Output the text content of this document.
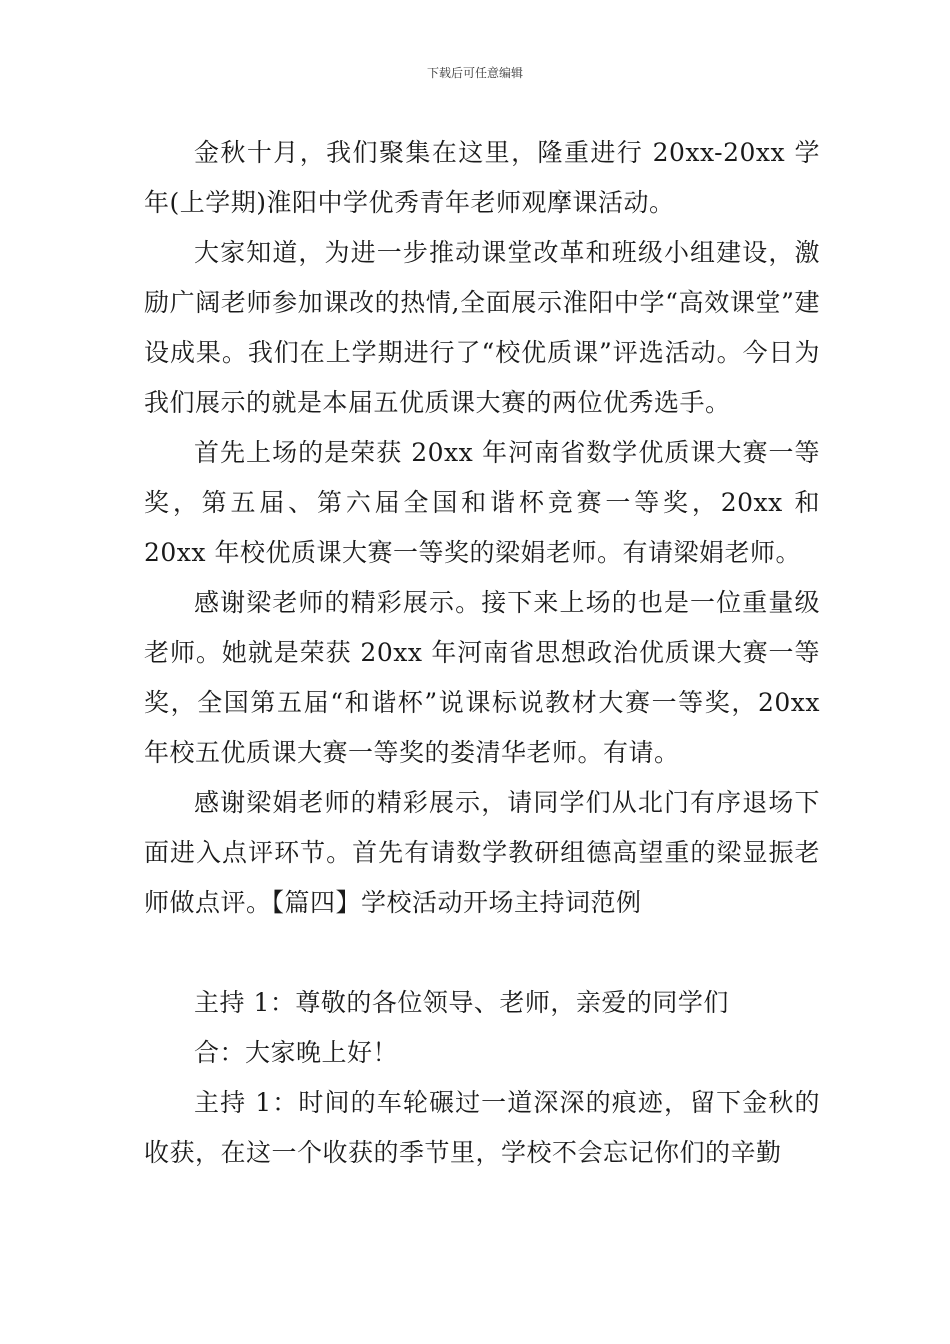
下载后可任意编辑

金秋十月，我们聚集在这里，隆重进行 20xx-20xx 学年(上学期)淮阳中学优秀青年老师观摩课活动。

大家知道，为进一步推动课堂改革和班级小组建设，激励广阔老师参加课改的热情,全面展示淮阳中学“高效课堂”建设成果。我们在上学期进行了“校优质课”评选活动。今日为我们展示的就是本届五优质课大赛的两位优秀选手。

首先上场的是荣获 20xx 年河南省数学优质课大赛一等奖，第五届、第六届全国和谐杯竞赛一等奖，20xx 和 20xx 年校优质课大赛一等奖的梁娟老师。有请梁娟老师。

感谢梁老师的精彩展示。接下来上场的也是一位重量级老师。她就是荣获 20xx 年河南省思想政治优质课大赛一等奖，全国第五届“和谐杯”说课标说教材大赛一等奖，20xx 年校五优质课大赛一等奖的娄清华老师。有请。

感谢梁娟老师的精彩展示，请同学们从北门有序退场下面进入点评环节。首先有请数学教研组德高望重的梁显振老师做点评。【篇四】学校活动开场主持词范例

主持 1：尊敬的各位领导、老师，亲爱的同学们

合：大家晚上好！

主持 1：时间的车轮碾过一道深深的痕迹，留下金秋的收获，在这一个收获的季节里，学校不会忘记你们的辛勤
